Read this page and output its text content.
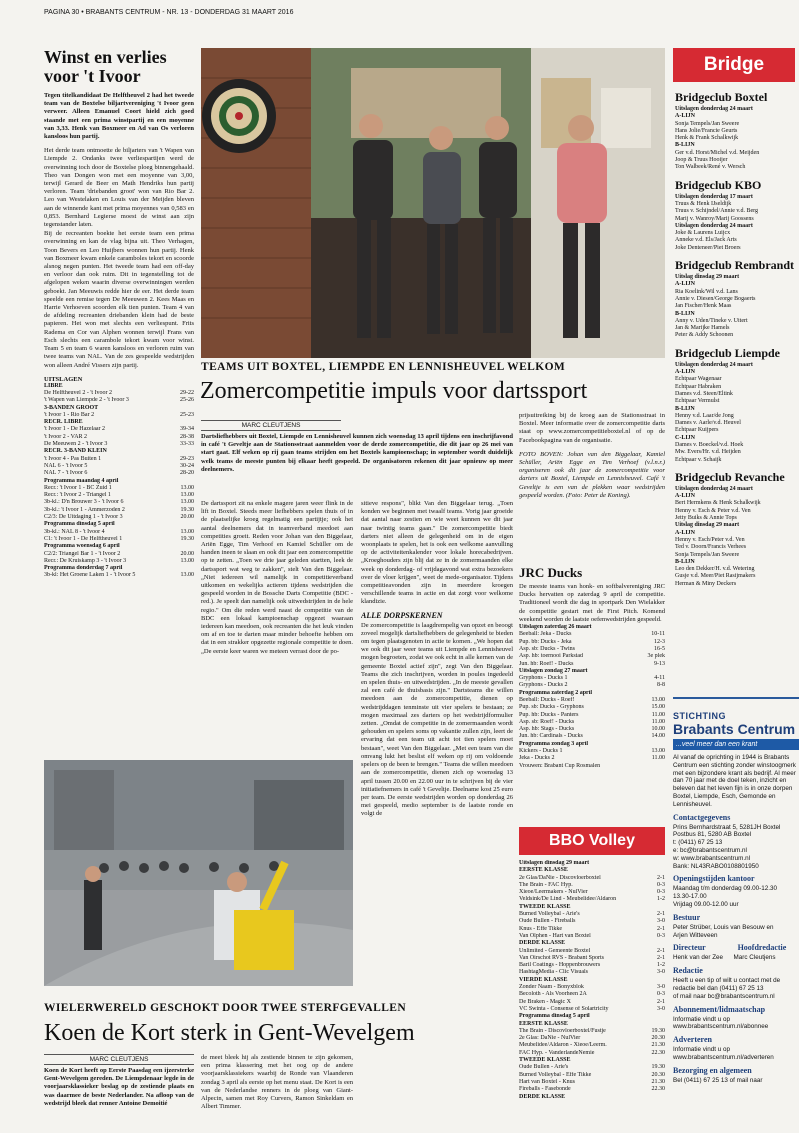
PAGINA 30 • BRABANTS CENTRUM - NR. 13 - DONDERDAG 31 MAART 2016
Winst en verlies voor 't Ivoor
Tegen titelkandidaat De Helftheuvel 2 had het tweede team van de Boxtelse biljartvereniging 't Ivoor geen verweer. Alleen Emanuel Coort hield zich goed staande met een prima winstpartij en een moyenne van 3,33. Henk van Boxmeer en Ad van Os verloren kansloos hun partij.

Het derde team ontmoette de biljarters van 't Wapen van Liempde 2. Ondanks twee verliespartijen werd de overwinning toch door de Boxtelse ploeg binnengehaald. Theo van Dongen won met een moyenne van 3,00, terwijl Gerard de Beer en Math Hendriks hun partij verloren. Team 'driebanden groot' won van Rio Bar 2. Leo van Westelaken en Louis van der Meijden bleven aan de winnende kant met prima moyennes van 0,583 en 0,853. Bernhard Legierse moest de winst aan zijn tegenstander laten.

Bij de recreanten boekte het eerste team een prima overwinning en kan de vlag bijna uit. Theo Verhagen, Toon Bevers en Leo Huijbers wonnen hun partij. Henk van Boxmeer kwam enkele caramboles tekort en scoorde alsnog negen punten. Het tweede team had een off-day en verloor dan ook ruim. Dit in tegenstelling tot de afgelopen weken waarin diverse overwinningen werden geboekt. Jan Meeuwis redde hier de eer. Het derde team speelde een remise tegen De Meeuwen 2. Kees Maas en Harrie Verhoeven scoorden elk tien punten. Team 4 van de afdeling recreanten driebanden klein had de beste papieren. Het won met slechts een verliespunt. Frits Radema en Cor van Alphen wonnen terwijl Frans van Esch slechts een carambole tekort kwam voor winst. Team 5 en team 6 waren kansloos en verloren ruim van twee teams van NAL. Van de zes gespeelde wedstrijden won alleen André Vissers zijn partij.

UITSLAGEN
LIBRE	
De Helftheuvel 2 - 't Ivoor 2	29-22
't Wapen van Liempde 2 - 't Ivoor 3	25-26
3-BANDEN GROOT	
't Ivoor 1 - Rio Bar 2	25-23
RECR. LIBRE	
't Ivoor 1 - De Hazelaar 2	39-34
't Ivoor 2 - VAR 2	28-38
De Meeuwen 2 - 't Ivoor 3	33-33
RECR. 3-BAND KLEIN	
't Ivoor 4 - Pas Buiten 1	29-23
NAL 6 - 't Ivoor 5	30-24
NAL 7 - 't Ivoor 6	28-20
Programma maandag 4 april	
Recr.: 't Ivoor 1 - BC Zuid 1	13.00
Recr.: 't Ivoor 2 - Triangel 1	13.00
3b-kl.: D'n Brouwer 3 - 't Ivoor 6	13.00
3b-kl.: 't Ivoor 1 - Ammerzoden 2	19.30
C2/3: De Uitdaging 1 - 't Ivoor 3	20.00
Programma dinsdag 5 april	
3b-kl.: NAL 8 - 't Ivoor 4	13.00
C1: 't Ivoor 1 - De Helftheuvel 1	19.30
Programma woensdag 6 april	
C2/2: Triangel Bar 1 - 't Ivoor 2	20.00
Recr.: De Kruiskamp 3 - 't Ivoor 3	13.00
Programma donderdag 7 april	
3b-kl: Het Groene Laken 1 - 't Ivoor 5	13.00
TEAMS UIT BOXTEL, LIEMPDE EN LENNISHEUVEL WELKOM
Zomercompetitie impuls voor dartssport
MARC CLEUTJENS
Dartsliefhebbers uit Boxtel, Liempde en Lennisheuvel kunnen zich woensdag 13 april tijdens een inschrijfavond in café 't Geveltje aan de Stationsstraat aanmelden voor de derde zomercompetitie, die dit jaar op 26 mei van start gaat. Elf weken op rij gaan teams strijden om het Boxtels kampioenschap; in september wordt duidelijk welk teams de meeste punten bij elkaar heeft gespeeld. De organisatoren rekenen dit jaar opnieuw op meer deelnemers.
De dartssport zit na enkele magere jaren weer flink in de lift in Boxtel. Steeds meer liefhebbers spelen thuis of in de plaatselijke kroeg regelmatig een partijtje; ook het aantal deelnemers dat in teamverband meedoet aan competities groeit. Reden voor Johan van den Biggelaar, Ariën Egge, Tim Verhoof en Kamiel Schüller om de handen ineen te slaan en ook dit jaar een zomercompetitie op te zetten. „Toen we drie jaar geleden startten, leek de dartssport wat weg te zakken", stelt Van den Biggelaar. „Niet iedereen wil namelijk in competitieverband uitkomen en wekelijks actieren tijdens wedstrijden die gespeeld worden in de Bossche Darts Competitie (BDC - red.). Je speelt dan namelijk ook uitwedstrijden in de hele regio." Om die reden werd naast de competitie van de BDC een lokaal kampioenschap opgezet waaraan iedereen kan meedoen, ook recreanten die het leuk vinden om af en toe te darten maar minder behoefte hebben om dat in een strakker opgezette regionale competitie te doen. „De eerste keer waren we meteen verrast door de po-
sitieve respons", blikt Van den Biggelaar terug. „Toen konden we beginnen met twaalf teams. Vorig jaar groeide dat aantal naar zestien en wie weet kunnen we dit jaar naar twintig teams gaan." De zomercompetitie biedt darters niet alleen de gelegenheid om in de eigen woonplaats te spelen, het is ook een welkome aanvulling op de activiteitenkalender voor lokale horecabedrijven. „Kroeghouders zijn blij dat ze in de zomermaanden elke week op donderdag- of vrijdagavond wat extra bezoekers over de vloer krijgen", weet de mede-organisator. Tijdens competitieavonden zijn in meerdere kroegen verschillende teams in actie en dat zorgt voor welkome klandizie.
ALLE DORPSKERNEN
De zomercompetitie is laagdrempelig van opzet en beoogt zoveel mogelijk dartsliefhebbers de gelegenheid te bieden om tegen plaatsgenoten in actie te komen. „We hopen dat we ook dit jaar weer teams uit Liempde en Lennisheuvel mogen begroeten, zodat we ook echt in alle kernen van de gemeente Boxtel actief zijn", zegt Van den Biggelaar. Teams die zich inschrijven, worden in poules ingedeeld en spelen thuis- en uitwedstrijden. „In de meeste gevallen zal een café de thuisbasis zijn." Dartsteams die willen meedoen aan de zomercompetitie, dienen op wedstrijddagen tenminste uit vier spelers te bestaan; ze mogen maximaal zes darters op het wedstrijdformulier zetten. „Omdat de competitie in de zomermaanden wordt gehouden en spelers soms op vakantie zullen zijn, leert de ervaring dat een team uit acht tot tien spelers moet bestaan", weet Van den Biggelaar. „Met een team van die omvang lukt het beslist elf weken op rij om voldoende spelers op de been te brengen." Teams die willen meedoen aan de zomercompetitie, dienen zich op woensdag 13 april tussen 20.00 en 22.00 uur in te schrijven bij de vier initiatiefnemers in café 't Geveltje. Deelname kost 25 euro per team. De eerste wedstrijden worden op donderdag 26 mei gespeeld, medio september is de laatste ronde en volgt de
prijsuitreiking bij de kroeg aan de Stationsstraat in Boxtel. Meer informatie over de zomercompetitie darts staat op www.zomercompetitieboxtel.nl of op de Facebookpagina van de organisatie.
FOTO BOVEN: Johan van den Biggelaar, Kamiel Schüller, Ariën Egge en Tim Verhoef (v.l.n.r.) organiseren ook dit jaar de zomercompetitie voor darters uit Boxtel, Liempde en Lennisheuvel. Café 't Geveltje is een van de plekken waar wedstrijden gespeeld worden. (Foto: Peter de Koning).
JRC Ducks
De meeste teams van honk- en softbalvereniging JRC Ducks hervatten op zaterdag 9 april de competitie. Traditioneel wordt die dag in sportpark Den Wielakker de competitie gestart met de First Pitch. Komend weekend worden de laatste oefenwedstrijden gespeeld.
Uitslagen zaterdag 26 maart	
Beeball: Jeka - Ducks	10-11
Pup. bb: Ducks - Jeka	12-3
Asp. sb: Ducks - Twins	16-5
Asp. hb: toernooi Parkstad	3e plek
Jun. hb: Roef! - Ducks	9-13
Uitslagen zondag 27 maart	
Gryphons - Ducks 1	4-11
Gryphons - Ducks 2	8-8
Programma zaterdag 2 april	
Beeball: Ducks - Roef!	13.00
Pup. sb: Ducks - Gryphons	15.00
Pup. hb: Ducks - Panters	11.00
Asp. sb: Roef! - Ducks	11.00
Asp. hb: Stags - Ducks	10.00
Jun. hb: Cardinals - Ducks	14.00
Programma zondag 3 april	
Kickers - Ducks 1	13.00
Jeka - Ducks 2	11.00
Vrouwen: Brabant Cup Rosmalen	
BBO Volley
Uitslagen dinsdag 29 maart	
EERSTE KLASSE	
2e Glas/DaNie - Discovloerboxtel	2-1
The Brain - FAC Hyp.	0-3
Xieoe/Leermakers - NulVier	0-3
Veldsink/De Lind - Meubelidee/Aldaron	1-2
TWEEDE KLASSE	
Burned Volleybal - Arie's	2-1
Oude Bullen - Fireballs	3-0
Knus - Effe Tikke	2-1
Van Olphen - Hart van Boxtel	0-3
DERDE KLASSE	
Unlimited - Gemeente Boxtel	2-1
Van Oirschot RVS - Brabant Sports	2-1
Baril Coatings - Hoppenbrouwers	1-2
HashtagMedia - Clic Visuals	3-0
VIERDE KLASSE	
Zonder Naam - Bonyxblok	3-0
Becoloth - Als Voorheen 2A	0-3
De Braken - Magic X	2-1
VC Swinta - Consense of Solartricity	3-0
Programma dinsdag 5 april	
EERSTE KLASSE	
The Brain - Discovloerboxtel/Fustje	19.30
2e Glas: DaNie - NulVier	20.30
Meubelidee/Aldaron - Xieoe/Leerm.	21.30
FAC Hyp. - VanderlandeNemie	22.30
TWEEDE KLASSE	
Oude Bullen - Arie's	19.30
Burned Volleybal - Effe Tikke	20.30
Hart van Boxtel - Knus	21.30
Fireballs - Fasebonde	22.30
DERDE KLASSE	
WIELERWERELD GESCHOKT DOOR TWEE STERFGEVALLEN
Koen de Kort sterk in Gent-Wevelgem
MARC CLEUTJENS
Koen de Kort heeft op Eerste Paasdag een ijzersterke Gent-Wevelgem gereden. De Liempdenaar legde in de voorjaarsklassieker beslag op de zestiende plaats en was daarmee de beste Nederlander. Na afloop van de wedstrijd bleek dat renner Antoine Demoitié
de meet bleek hij als zestiende binnen te zijn gekomen, een prima klassering met het oog op de andere voorjaarsklassiekers waarbij de Ronde van Vlaanderen zondag 3 april als eerste op het menu staat. De Kort is een van de Nederlandse renners in de ploeg van Giant-Alpecin, samen met Roy Curvers, Ramon Sinkeldam en Albert Timmer.
Bridge
Bridgeclub Boxtel
Uitslagen donderdag 24 maart
A-LIJN
Sonja Tempels/Jan Sweere
Hans Jolie/Francie Geurts
Henk & Frank Schalkwijk
B-LIJN
Ger v.d. Horst/Michel v.d. Meijden
Joop & Truus Hooijer
Ton Walbeek/René v. Wersch
Bridgeclub KBO
Uitslagen donderdag 17 maart
Truus & Henk IJseldijk
Truus v. Schijndel/Annie v.d. Berg
Marij v. Wanroy/Marij Goossens
Uitslagen donderdag 24 maart
Joke & Laurens Luijcx
Anneke v.d. Els/Jack Arts
Joke Denteneer/Piet Broers
Bridgeclub Rembrandt
Uitslag dinsdag 29 maart
A-LIJN
Ria Koelink/Wil v.d. Lans
Annie v. Diesen/George Bogaerts
Jan Fischer/Henk Maas
B-LIJN
Anny v. Uden/Tineke v. Uitert
Jan & Marijke Hamels
Peter & Addy Schoonen
Bridgeclub Liempde
Uitslagen donderdag 24 maart
A-LIJN
Echtpaar Wagenaar
Echtpaar Habraken
Dames v.d. Steen/Eltink
Echtpaar Vermulst
B-LIJN
Henny v.d. Laar/de Jong
Dames v. Aarle/v.d. Heuvel
Echtpaar Kuijpers
C-LIJN
Dames v. Boeckel/v.d. Hoek
Mw. Evers/Hr. v.d. Heijden
Echtpaar v. Schaijk
Bridgeclub Revanche
Uitslagen donderdag 24 maart
A-LIJN
Bert Hermkens & Henk Schalkwijk
Henny v. Esch & Peter v.d. Ven
Jetty Buiks & Annie Tops
Uitslag dinsdag 29 maart
A-LIJN
Henny v. Esch/Peter v.d. Ven
Ted v. Doorn/Francis Verhees
Sonja Tempels/Jan Sweere
B-LIJN
Leo den Dekker/H. v.d. Wetering
Gusje v.d. Meer/Piet Rasijmakers
Herman & Miny Deckers
STICHTING
Brabants Centrum
...veel meer dan een krant
Al vanaf de oprichting in 1944 is Brabants Centrum een stichting zonder winstoogmerk met een bijzondere krant als bedrijf. Al meer dan 70 jaar met de doel teken, inzicht en beleven dat het leven fijn is in onze dorpen Boxtel, Liempde, Esch, Gemonde en Lennisheuvel.
Contactgegevens
Prins Bernhardstraat 5, 5281JH Boxtel
Postbus 81, 5280 AB Boxtel
t: (0411) 67 25 13
e: bc@brabantscentrum.nl
w: www.brabantscentrum.nl
Bank: NL43RABO0108801950
Openingstijden kantoor
Maandag t/m donderdag 09.00-12.30
13.30-17.00
Vrijdag 09.00-12.00 uur
Bestuur
Peter Strüber, Louis van Besouw en
Arjen Witteveen
Directeur                Hoofdredactie
Henk van der Zee      Marc Cleutjens
Redactie
Heeft u een tip of wilt u contact met de
redactie bel dan (0411) 67 25 13
of mail naar bc@brabantscentrum.nl
Abonnement/lidmaatschap
Informatie vindt u op
www.brabantscentrum.nl/abonnee
Adverteren
Informatie vindt u op
www.brabantscentrum.nl/adverteren
Bezorging en algemeen
Bel (0411) 67 25 13 of mail naar
